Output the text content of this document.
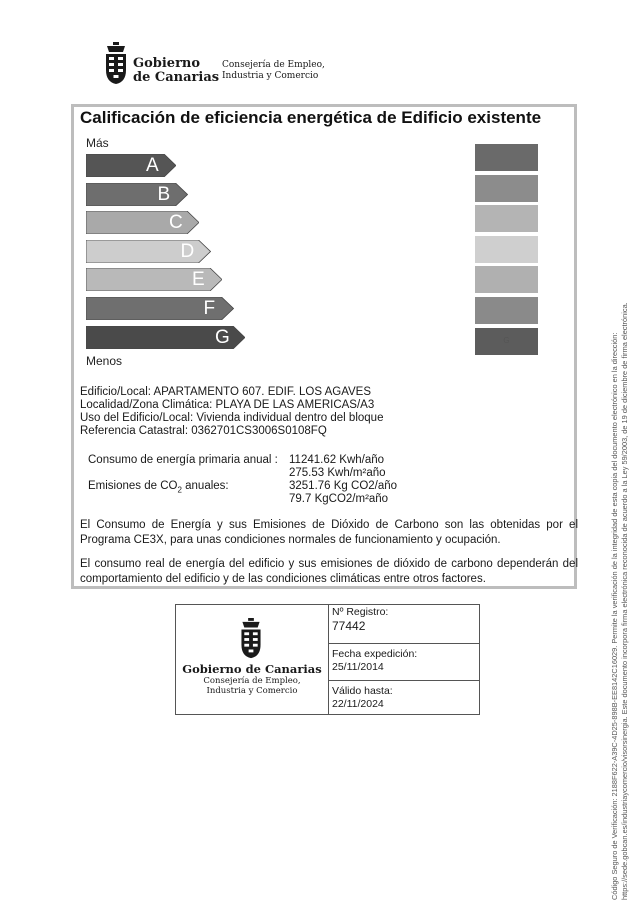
Gobierno
de Canarias
Consejería de Empleo,
Industria y Comercio
Calificación de eficiencia energética de Edificio existente
Más
A
B
C
D
E
F
G	G
Menos
Edificio/Local: APARTAMENTO 607. EDIF. LOS AGAVES
Localidad/Zona Climática: PLAYA DE LAS AMERICAS/A3
Uso del Edificio/Local: Vivienda individual dentro del bloque
Referencia Catastral: 0362701CS3006S0108FQ
Consumo de energía primaria anual : 11241.62 Kwh/año
275.53 Kwh/m²año
Emisiones de $CO_2$ anuales:	3251.76 Kg CO2/año
79.7 KgCO2/m²año
El Consumo de Energía y sus Emisiones de Dióxido de Carbono son las obtenidas por el Programa CE3X, para unas condiciones normales de funcionamiento y ocupación.
El consumo real de energía del edificio y sus emisiones de dióxido de carbono dependerán del comportamiento del edificio y de las condiciones climáticas entre otros factores.
Gobierno de Canarias
Consejería de Empleo,
Industria y Comercio
Nº Registro:
77442
Fecha expedición:
25/11/2014
Válido hasta:
22/11/2024	Código Seguro de Verificación: 2188F622-A39C-4D25-898B-EE8142C16029. Permite la verificación de la integridad de esta copia del documento electrónico en la dirección: https://sede.gobcan.es/industriaycomercio/visorsinergia. Este documento incorpora firma electrónica reconocida de acuerdo a la Ley 59/2003, de 19 de diciembre de firma electrónica.
